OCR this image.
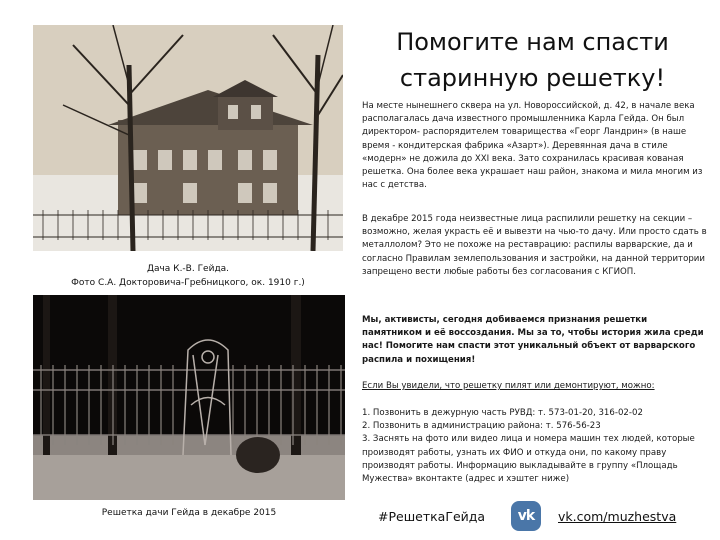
Дача К.-В. Гейда.
Фото С.А. Докторовича-Гребницкого, ок. 1910 г.)
Решетка дачи Гейда в декабре 2015
Помогите нам спасти
старинную решетку!
На месте нынешнего сквера на ул. Новороссийской, д. 42, в начале века располагалась дача известного промышленника Карла Гейда. Он был директором- распорядителем товарищества «Георг Ландрин» (в наше время - кондитерская фабрика «Азарт»). Деревянная дача в стиле «модерн» не дожила до XXI века. Зато сохранилась красивая кованая решетка. Она более века украшает наш район, знакома и мила многим из нас с детства.
В декабре 2015 года неизвестные лица распилили решетку на секции – возможно, желая украсть её и вывезти на чью-то дачу. Или просто сдать в металлолом? Это не похоже на реставрацию: распилы варварские, да и согласно Правилам землепользования и застройки, на данной территории запрещено вести любые работы без согласования с КГИОП.
Мы, активисты, сегодня добиваемся признания решетки памятником и её воссоздания. Мы за то, чтобы история жила среди нас! Помогите нам спасти этот уникальный объект от варварского распила и похищения!
Если Вы увидели, что решетку пилят или демонтируют, можно:
1. Позвонить в дежурную часть РУВД: т. 573-01-20, 316-02-02
2. Позвонить в администрацию района: т. 576-56-23
3. Заснять на фото или видео лица и номера машин тех людей, которые производят работы, узнать их ФИО и откуда они, по какому праву производят работы. Информацию выкладывайте в группу «Площадь Мужества» вконтакте (адрес и хэштег ниже)
#РешеткаГейда	vk	vk.com/muzhestva
